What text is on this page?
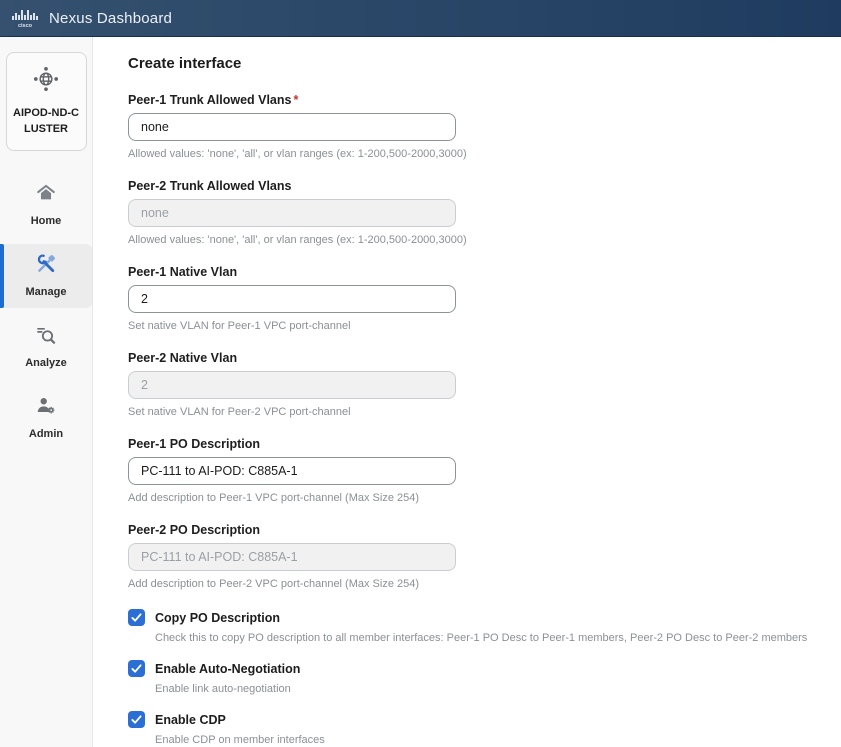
cisco Nexus Dashboard
AIPOD-ND-CLUSTER
Home
Manage
Analyze
Admin
Create interface
Peer-1 Trunk Allowed Vlans *
none
Allowed values: 'none', 'all', or vlan ranges (ex: 1-200,500-2000,3000)
Peer-2 Trunk Allowed Vlans
none
Allowed values: 'none', 'all', or vlan ranges (ex: 1-200,500-2000,3000)
Peer-1 Native Vlan
2
Set native VLAN for Peer-1 VPC port-channel
Peer-2 Native Vlan
2
Set native VLAN for Peer-2 VPC port-channel
Peer-1 PO Description
PC-111 to AI-POD: C885A-1
Add description to Peer-1 VPC port-channel (Max Size 254)
Peer-2 PO Description
PC-111 to AI-POD: C885A-1
Add description to Peer-2 VPC port-channel (Max Size 254)
Copy PO Description
Check this to copy PO description to all member interfaces: Peer-1 PO Desc to Peer-1 members, Peer-2 PO Desc to Peer-2 members
Enable Auto-Negotiation
Enable link auto-negotiation
Enable CDP
Enable CDP on member interfaces
